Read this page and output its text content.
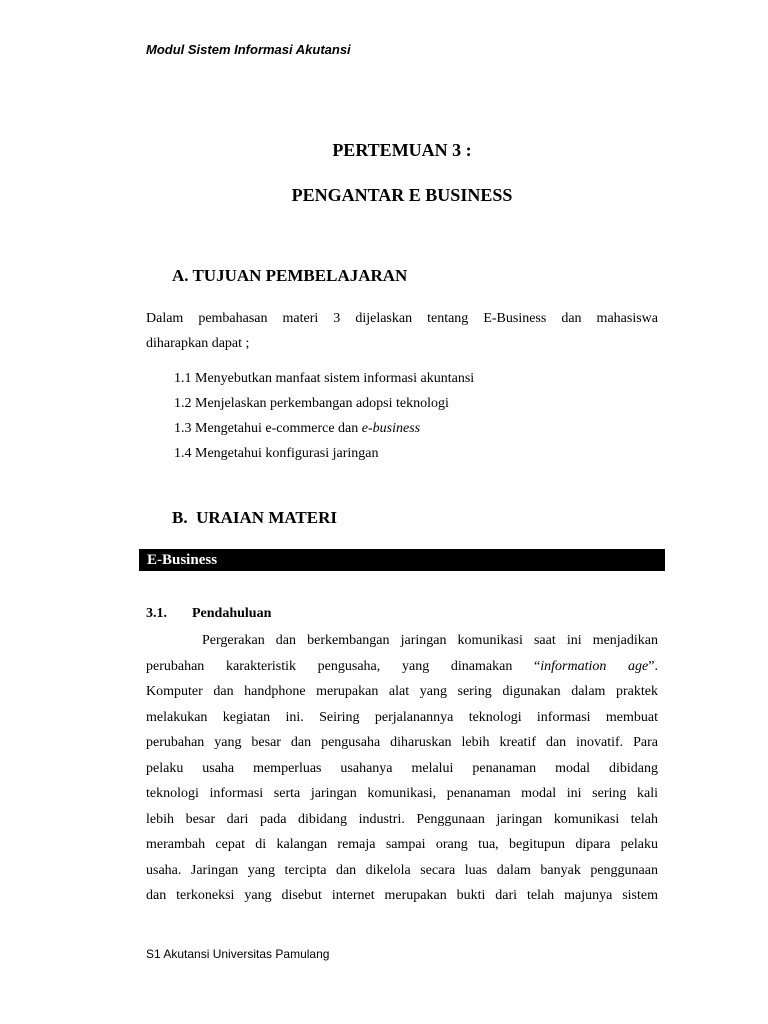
Modul Sistem Informasi Akutansi
PERTEMUAN 3 :
PENGANTAR E BUSINESS
A. TUJUAN PEMBELAJARAN

Dalam pembahasan materi 3 dijelaskan tentang E-Business dan mahasiswa

diharapkan dapat ;

1.1 Menyebutkan manfaat sistem informasi akuntansi
1.2 Menjelaskan perkembangan adopsi teknologi
1.3 Mengetahui e-commerce dan e-business
1.4 Mengetahui konfigurasi jaringan
B.  URAIAN MATERI
E-Business
3.1. Pendahuluan
Pergerakan dan berkembangan jaringan komunikasi saat ini menjadikan
perubahan karakteristik pengusaha, yang dinamakan “information age”.
Komputer dan handphone merupakan alat yang sering digunakan dalam praktek
melakukan kegiatan ini. Seiring perjalanannya teknologi informasi membuat
perubahan yang besar dan pengusaha diharuskan lebih kreatif dan inovatif. Para
pelaku usaha memperluas usahanya melalui penanaman modal dibidang
teknologi informasi serta jaringan komunikasi, penanaman modal ini sering kali
lebih besar dari pada dibidang industri. Penggunaan jaringan komunikasi telah
merambah cepat di kalangan remaja sampai orang tua, begitupun dipara pelaku
usaha. Jaringan yang tercipta dan dikelola secara luas dalam banyak penggunaan
dan terkoneksi yang disebut internet merupakan bukti dari telah majunya sistem
S1 Akutansi Universitas Pamulang
